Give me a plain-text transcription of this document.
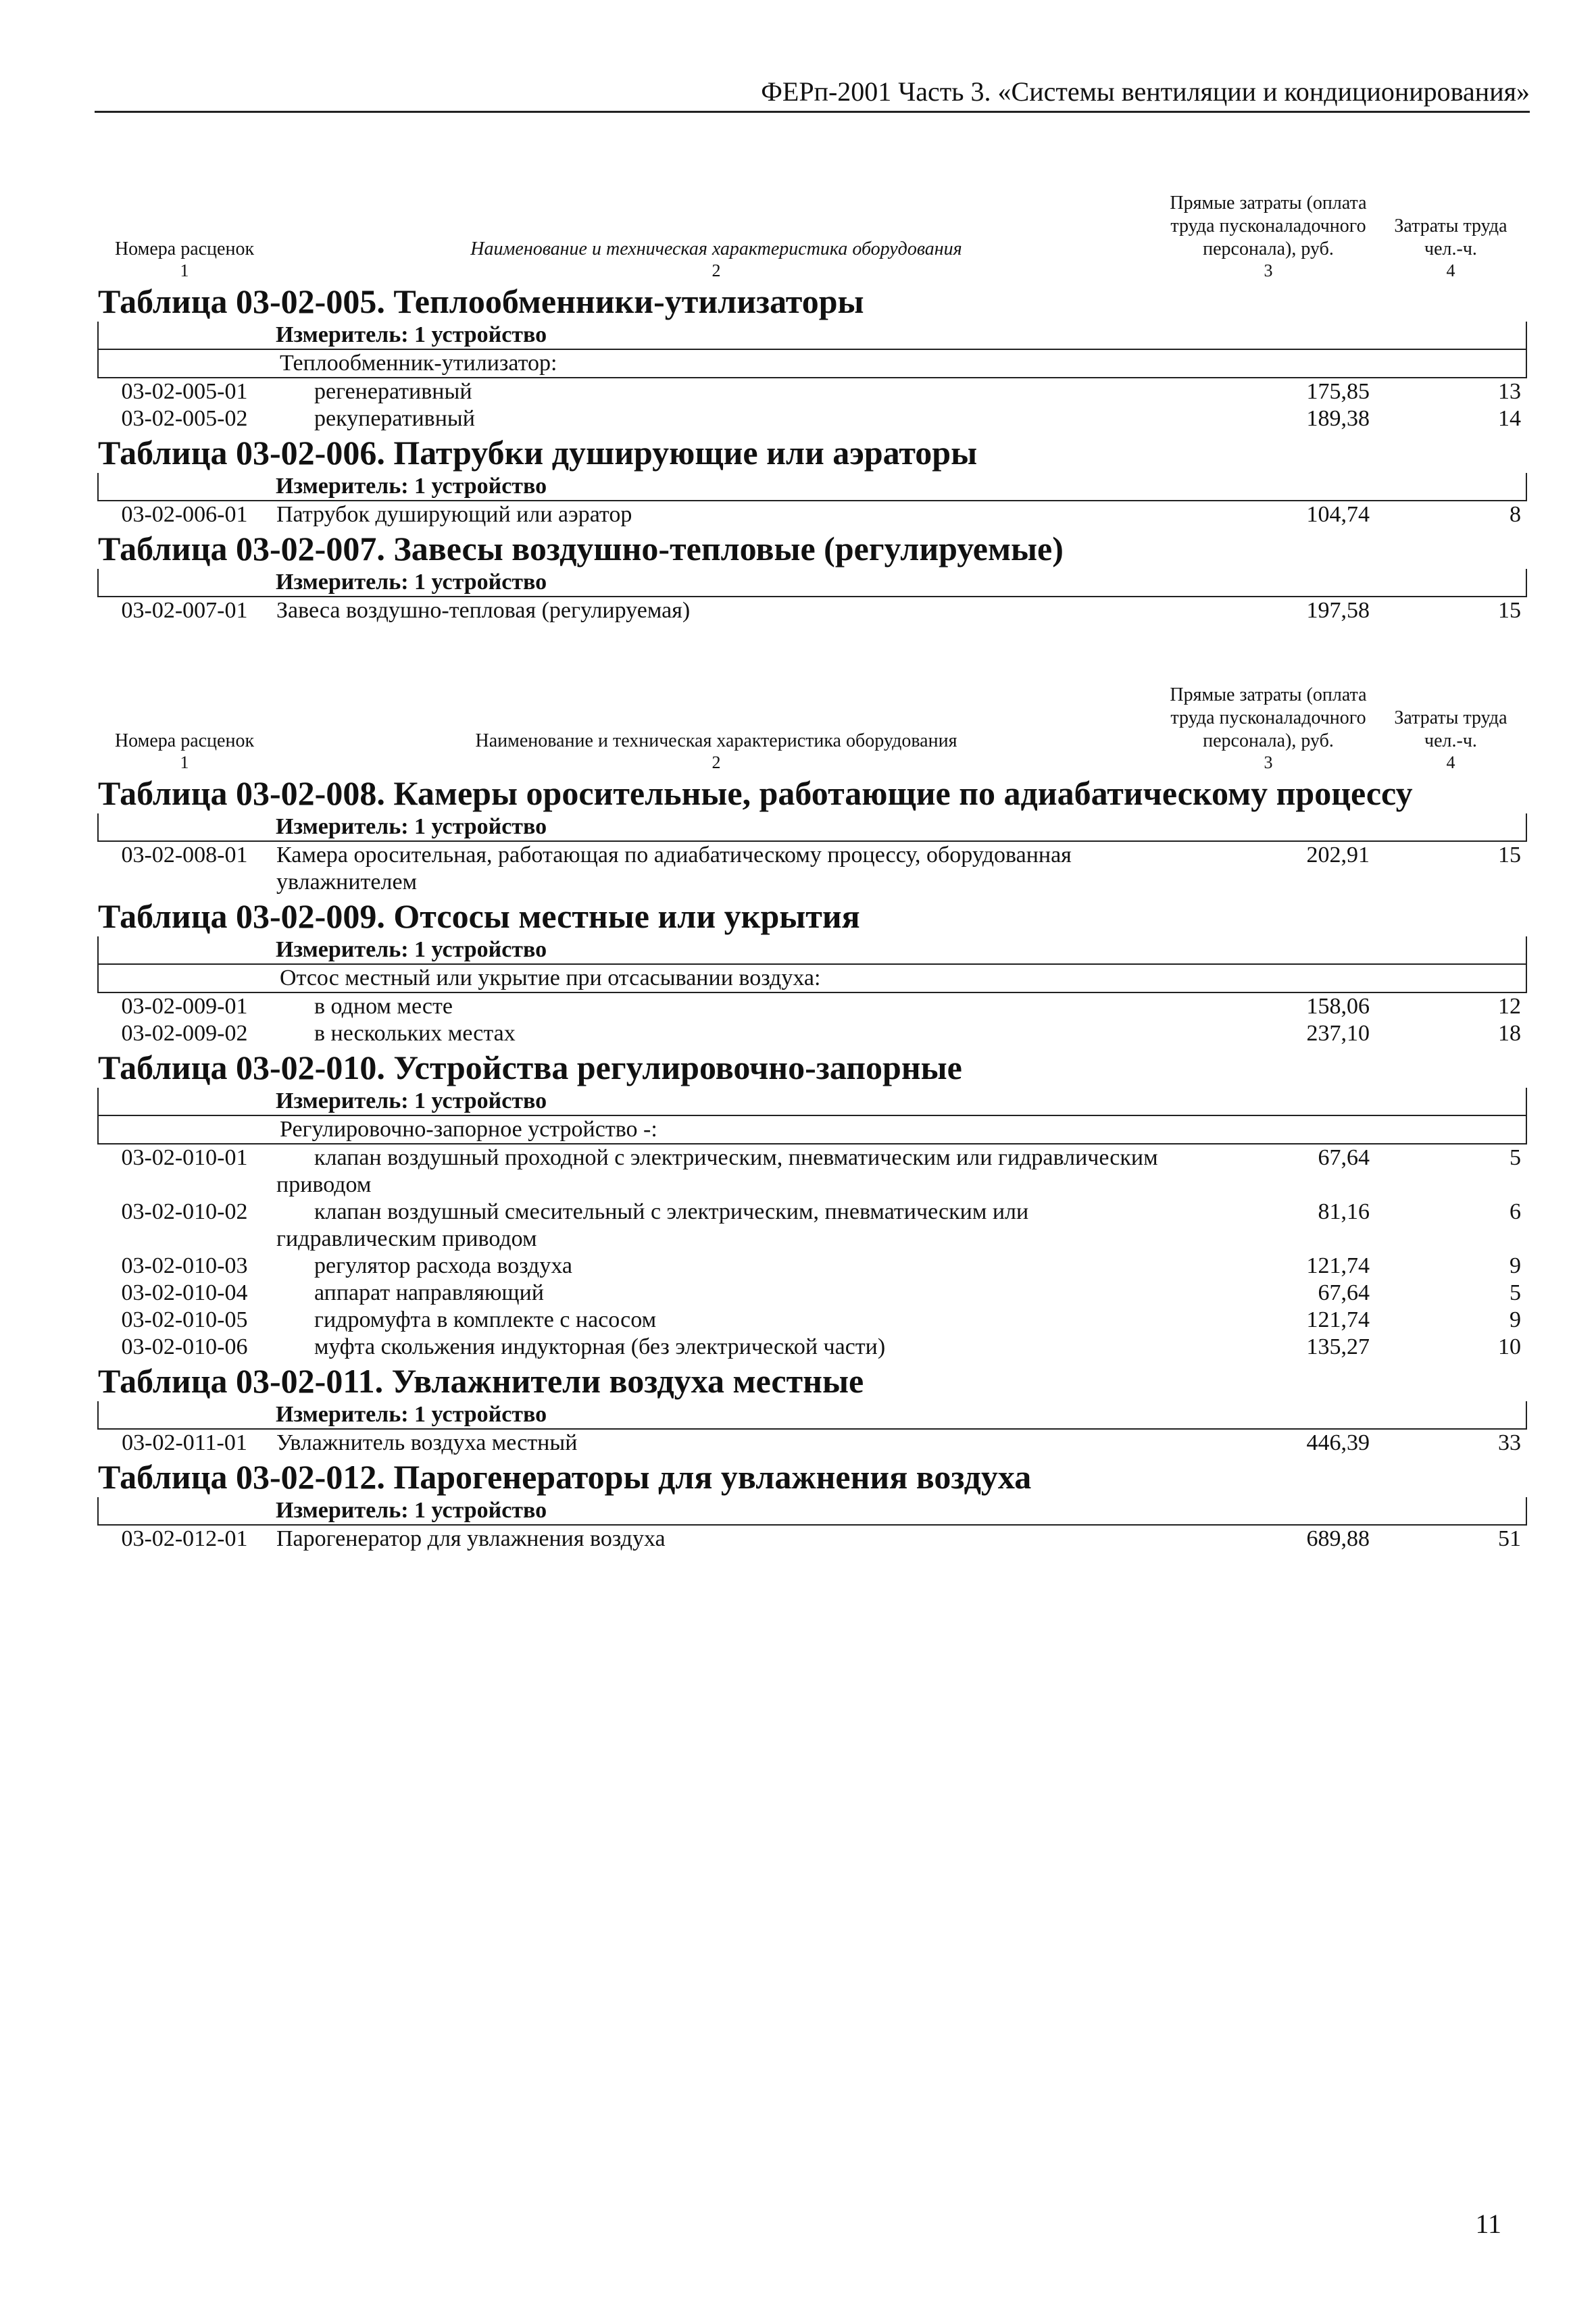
ФЕРп-2001 Часть 3. «Системы вентиляции и кондиционирования»
Номера расценок	Наименование и техническая характеристика оборудования	Прямые затраты (оплата труда пусконаладочного персонала), руб.	Затраты труда чел.-ч.
1	2	3	4
Таблица 03-02-005. Теплообменники-утилизаторы			
Измеритель: 1 устройство			
Теплообменник-утилизатор:			
03-02-005-01	регенеративный	175,85	13
03-02-005-02	рекуперативный	189,38	14
Таблица 03-02-006. Патрубки душирующие или аэраторы			
Измеритель: 1 устройство			
03-02-006-01	Патрубок душирующий или аэратор	104,74	8
Таблица 03-02-007. Завесы воздушно-тепловые (регулируемые)			
Измеритель: 1 устройство			
03-02-007-01	Завеса воздушно-тепловая (регулируемая)	197,58	15
Номера расценок	Наименование и техническая характеристика оборудования	Прямые затраты (оплата труда пусконаладочного персонала), руб.	Затраты труда чел.-ч.
1	2	3	4
Таблица 03-02-008. Камеры оросительные, работающие по адиабатическому процессу			
Измеритель: 1 устройство			
03-02-008-01	Камера оросительная, работающая по адиабатическому процессу, оборудованная увлажнителем	202,91	15
Таблица 03-02-009. Отсосы местные или укрытия			
Измеритель: 1 устройство			
Отсос местный или укрытие при отсасывании воздуха:			
03-02-009-01	в одном месте	158,06	12
03-02-009-02	в нескольких местах	237,10	18
Таблица 03-02-010. Устройства регулировочно-запорные			
Измеритель: 1 устройство			
Регулировочно-запорное устройство -:			
03-02-010-01	клапан воздушный проходной с электрическим, пневматическим или гидравлическим приводом	67,64	5
03-02-010-02	клапан воздушный смесительный с электрическим, пневматическим или гидравлическим приводом	81,16	6
03-02-010-03	регулятор расхода воздуха	121,74	9
03-02-010-04	аппарат направляющий	67,64	5
03-02-010-05	гидромуфта в комплекте с насосом	121,74	9
03-02-010-06	муфта скольжения индукторная (без электрической части)	135,27	10
Таблица 03-02-011. Увлажнители воздуха местные			
Измеритель: 1 устройство			
03-02-011-01	Увлажнитель воздуха местный	446,39	33
Таблица 03-02-012. Парогенераторы для увлажнения воздуха			
Измеритель: 1 устройство			
03-02-012-01	Парогенератор для увлажнения воздуха	689,88	51
11
